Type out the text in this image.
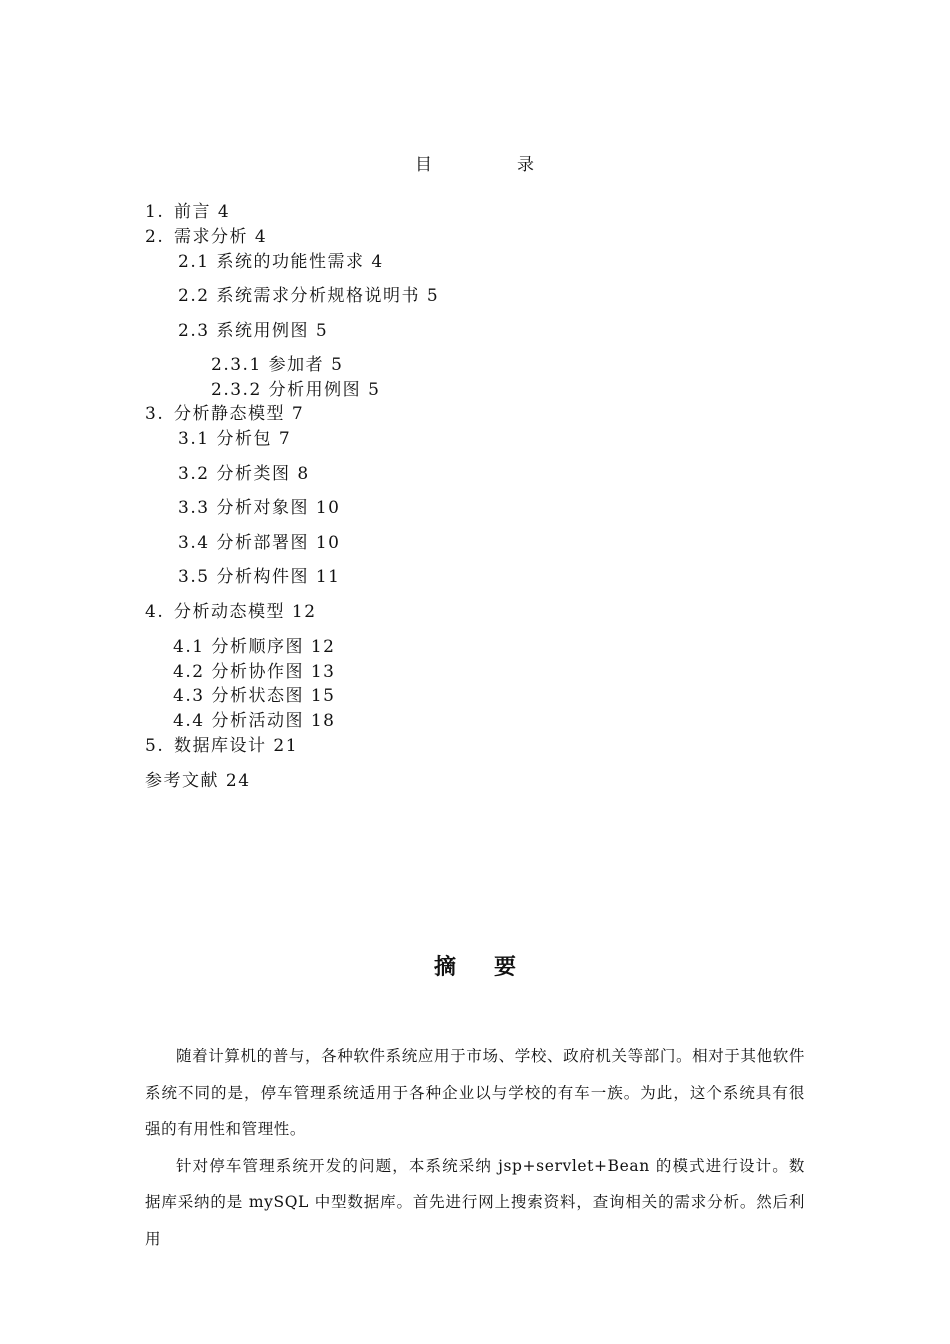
目	录
1. 前言 4
2. 需求分析 4
2.1 系统的功能性需求 4
2.2 系统需求分析规格说明书 5
2.3 系统用例图 5
2.3.1 参加者 5
2.3.2 分析用例图 5
3. 分析静态模型 7
3.1 分析包 7
3.2 分析类图 8
3.3 分析对象图 10
3.4 分析部署图 10
3.5 分析构件图 11
4. 分析动态模型 12
4.1 分析顺序图 12
4.2 分析协作图 13
4.3 分析状态图 15
4.4 分析活动图 18
5. 数据库设计 21
参考文献 24
摘 要

随着计算机的普与，各种软件系统应用于市场、学校、政府机关等部门。相对于其他软件系统不同的是，停车管理系统适用于各种企业以与学校的有车一族。为此，这个系统具有很强的有用性和管理性。

针对停车管理系统开发的问题，本系统采纳 jsp+servlet+Bean 的模式进行设计。数据库采纳的是 mySQL 中型数据库。首先进行网上搜索资料，查询相关的需求分析。然后利用
